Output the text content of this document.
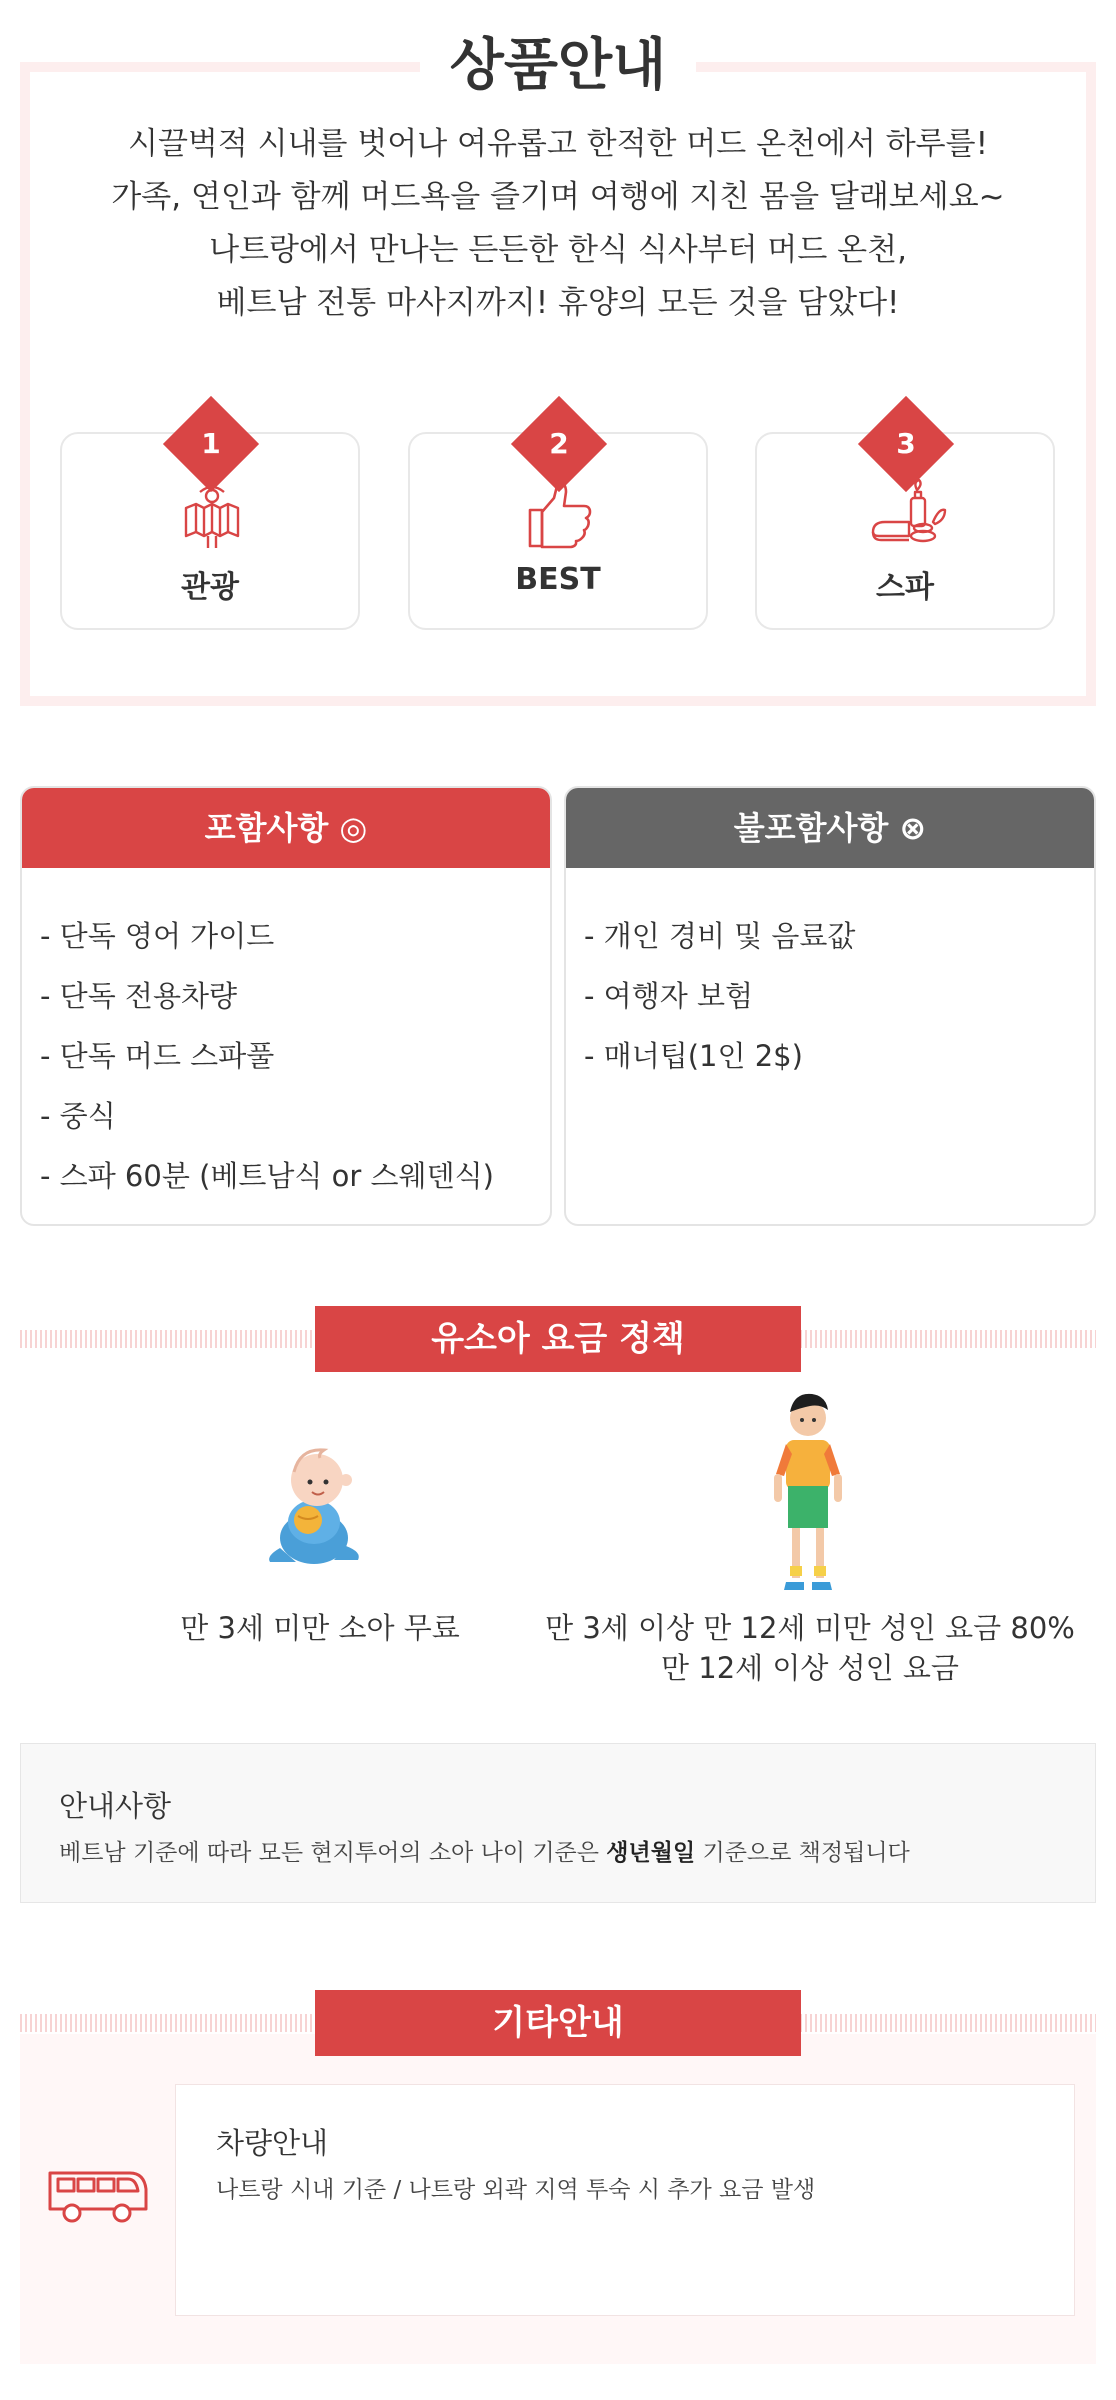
상품안내
시끌벅적 시내를 벗어나 여유롭고 한적한 머드 온천에서 하루를!
가족, 연인과 함께 머드욕을 즐기며 여행에 지친 몸을 달래보세요~
나트랑에서 만나는 든든한 한식 식사부터 머드 온천,
베트남 전통 마사지까지! 휴양의 모든 것을 담았다!
1
관광
2
BEST
3
스파
포함사항 ◎
- 단독 영어 가이드
- 단독 전용차량
- 단독 머드 스파풀
- 중식
- 스파 60분 (베트남식 or 스웨덴식)
불포함사항 ⊗
- 개인 경비 및 음료값
- 여행자 보험
- 매너팁(1인 2$)
유소아 요금 정책
만 3세 미만 소아 무료	만 3세 이상 만 12세 미만 성인 요금 80%
만 12세 이상 성인 요금
안내사항
베트남 기준에 따라 모든 현지투어의 소아 나이 기준은 생년월일 기준으로 책정됩니다
기타안내
차량안내
나트랑 시내 기준 / 나트랑 외곽 지역 투숙 시 추가 요금 발생
